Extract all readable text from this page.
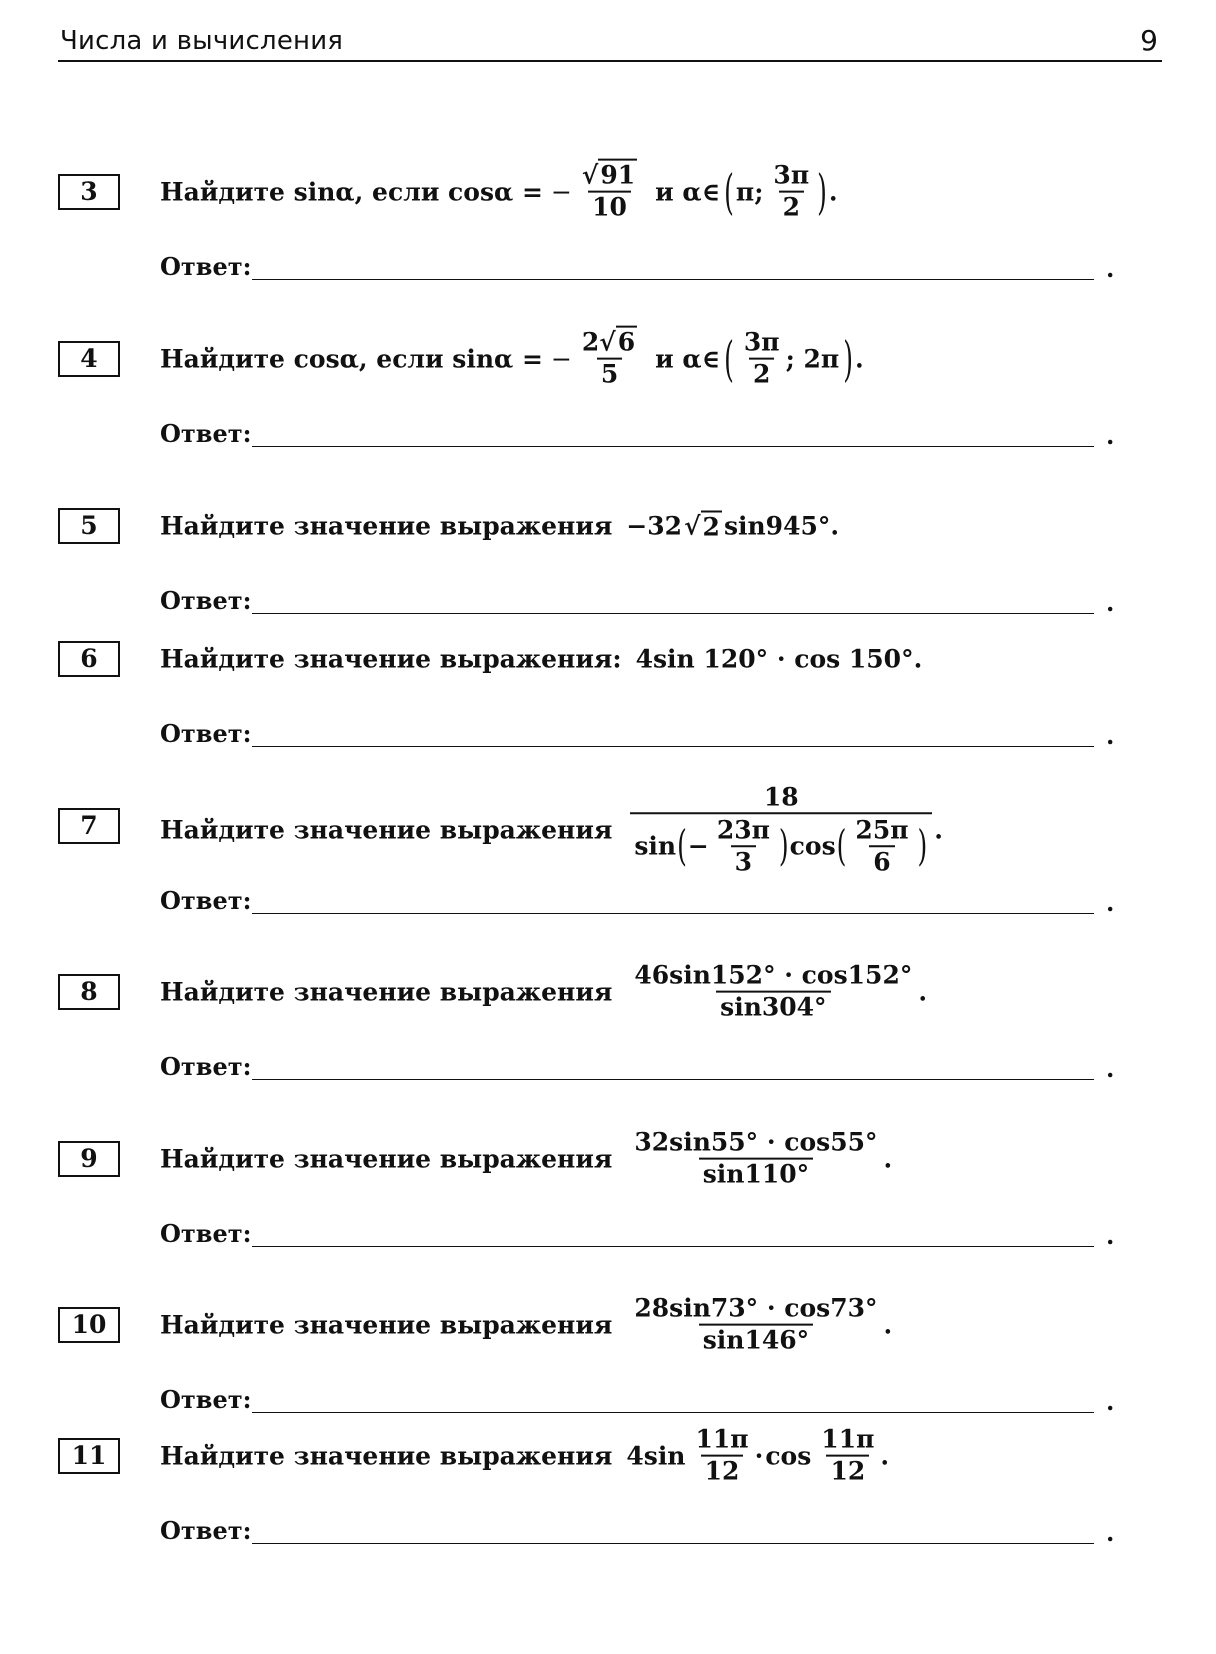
Числа и вычисления	9
3	Найдите sinα, если cosα = − $\frac{√91}{10}$ и α∈ ( π; $\frac{3\pi}{2}$ ) .
Ответ:	.
4	Найдите cosα, если sinα = − $\frac{2√6}{5}$ и α∈ ( $\frac{3\pi}{2}$ ; 2π ) .
Ответ:	.
5	Найдите значение выражения −32 √ 2 sin945°.
Ответ:	.
6	Найдите значение выражения: 4sin 120° · cos 150°.
Ответ:	.
7	Найдите значение выражения
18
sin ( − $\frac{23\pi}{3}$ ) cos ( $\frac{25\pi}{6}$ ) .
Ответ:	.
8	Найдите значение выражения $\frac{46\sin 152^\circ \cdot \cos 152^\circ}{\sin 304^\circ}$ .
Ответ:	.
9	Найдите значение выражения $\frac{32\sin 55^\circ \cdot \cos 55^\circ}{\sin 110^\circ}$ .
Ответ:	.
10	Найдите значение выражения $\frac{28\sin 73^\circ \cdot \cos 73^\circ}{\sin 146^\circ}$ .
Ответ:	.
11	Найдите значение выражения $4\sin \frac{11\pi}{12} \cdot \cos \frac{11\pi}{12}$ .
Ответ:	.
